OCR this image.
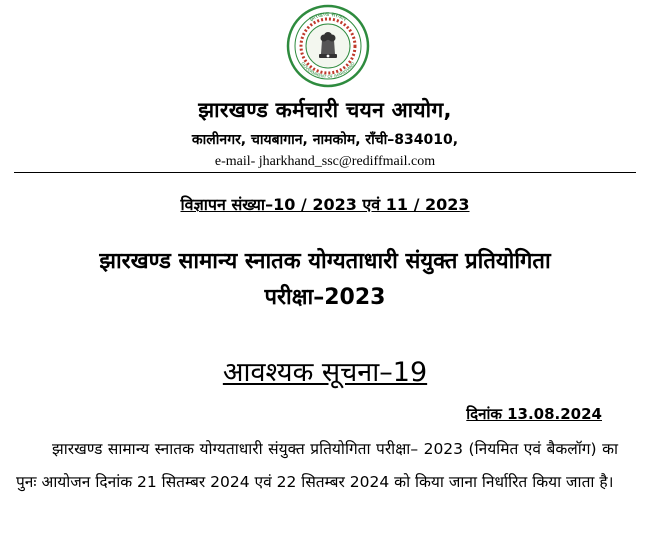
झारखण्ड सरकार
GOVERNMENT OF JHARKHAND
झारखण्ड कर्मचारी चयन आयोग,
कालीनगर, चायबागान, नामकोम, राँची–834010,
e-mail- jharkhand_ssc@rediffmail.com
विज्ञापन संख्या–10 / 2023 एवं 11 / 2023
झारखण्ड सामान्य स्नातक योग्यताधारी संयुक्त प्रतियोगिता
परीक्षा–2023
आवश्यक सूचना–19
दिनांक 13.08.2024
झारखण्ड सामान्य स्नातक योग्यताधारी संयुक्त प्रतियोगिता परीक्षा– 2023 (नियमित एवं बैकलॉग) का पुनः आयोजन दिनांक 21 सितम्बर 2024 एवं 22 सितम्बर 2024 को किया जाना निर्धारित किया जाता है।
